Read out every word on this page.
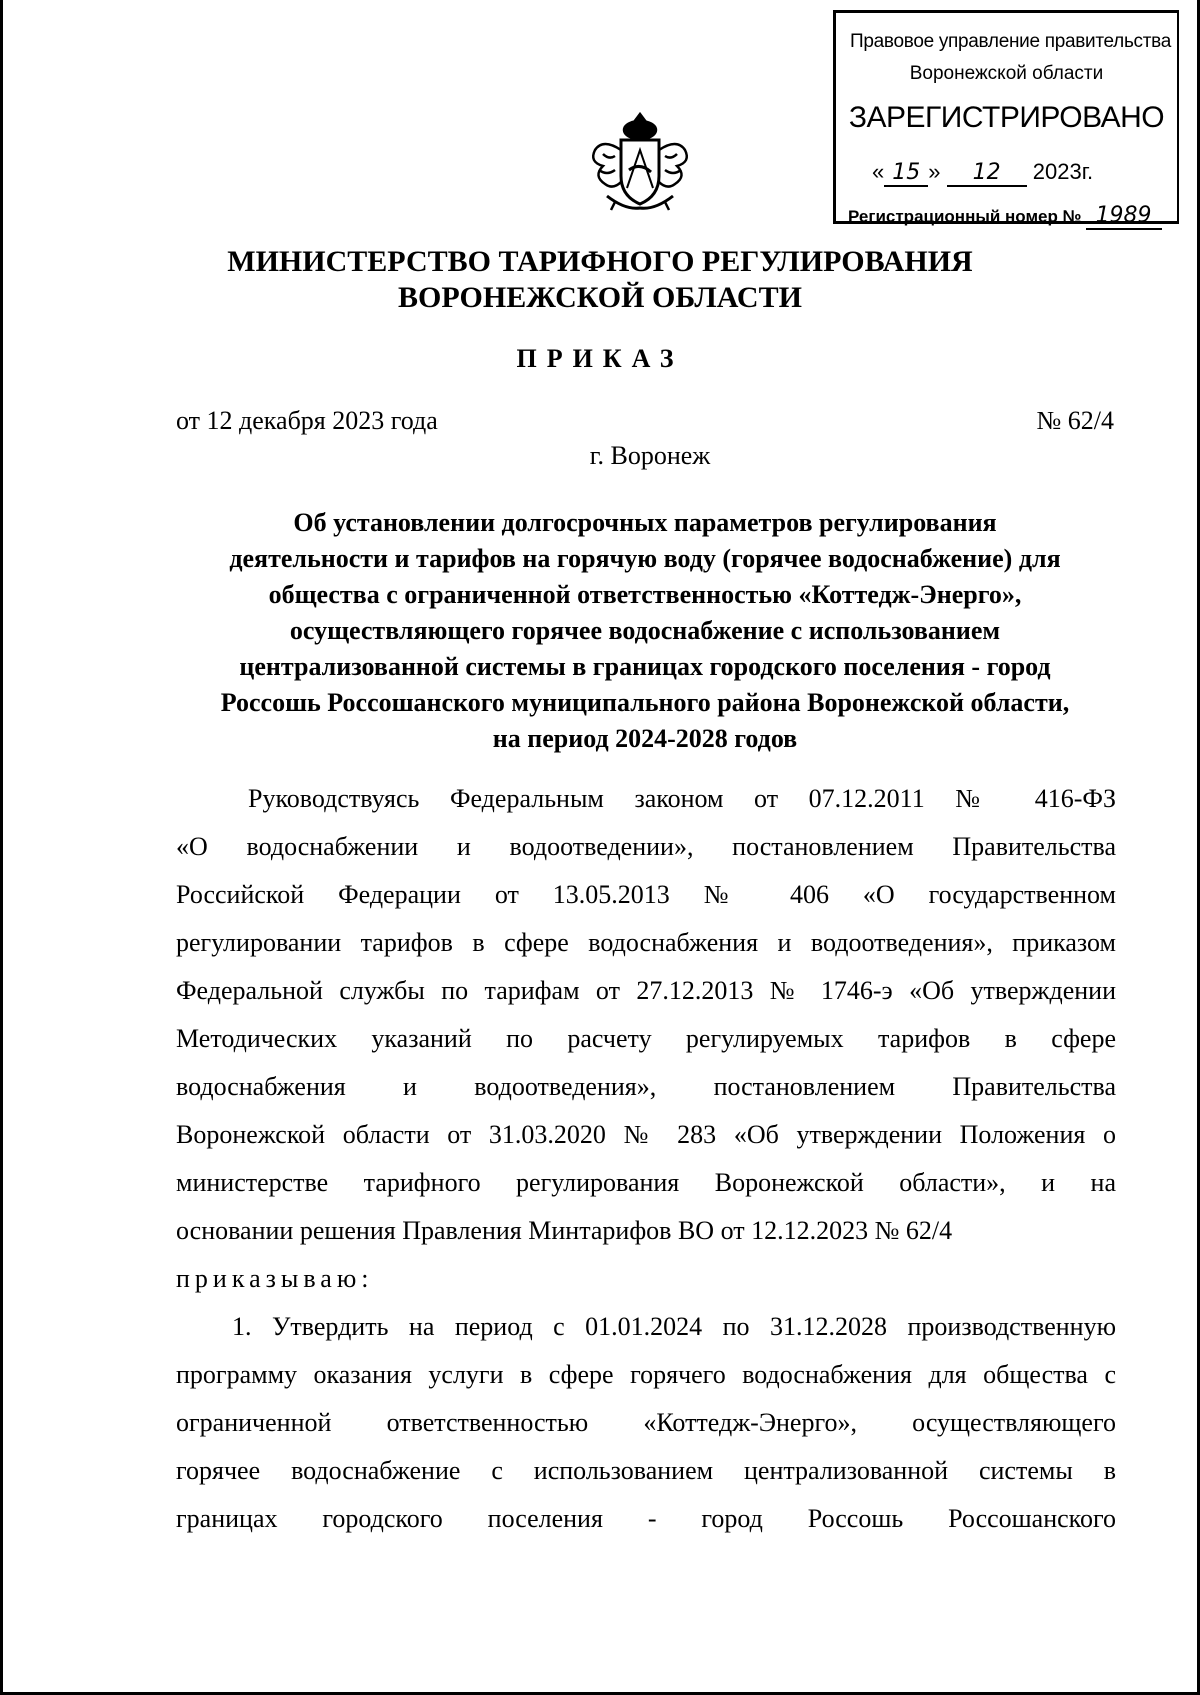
Правовое управление правительства
Воронежской области
ЗАРЕГИСТРИРОВАНО
« 15 » 12 2023г.
Регистрационный номер № 1989
МИНИСТЕРСТВО ТАРИФНОГО РЕГУЛИРОВАНИЯ
ВОРОНЕЖСКОЙ ОБЛАСТИ
ПРИКАЗ
от 12 декабря 2023 года	№ 62/4
г. Воронеж
Об установлении долгосрочных параметров регулирования
деятельности и тарифов на горячую воду (горячее водоснабжение) для
общества с ограниченной ответственностью «Коттедж-Энерго»,
осуществляющего горячее водоснабжение с использованием
централизованной системы в границах городского поселения - город
Россошь Россошанского муниципального района Воронежской области,
на период 2024-2028 годов
Руководствуясь Федеральным законом от 07.12.2011 № 416-ФЗ
«О водоснабжении и водоотведении», постановлением Правительства
Российской Федерации от 13.05.2013 № 406 «О государственном
регулировании тарифов в сфере водоснабжения и водоотведения», приказом
Федеральной службы по тарифам от 27.12.2013 № 1746-э «Об утверждении
Методических указаний по расчету регулируемых тарифов в сфере
водоснабжения и водоотведения», постановлением Правительства
Воронежской области от 31.03.2020 № 283 «Об утверждении Положения о
министерстве тарифного регулирования Воронежской области», и на
основании решения Правления Минтарифов ВО от 12.12.2023 № 62/4
приказываю:
1. Утвердить на период с 01.01.2024 по 31.12.2028 производственную
программу оказания услуги в сфере горячего водоснабжения для общества с
ограниченной ответственностью «Коттедж-Энерго», осуществляющего
горячее водоснабжение с использованием централизованной системы в
границах городского поселения - город Россошь Россошанского
